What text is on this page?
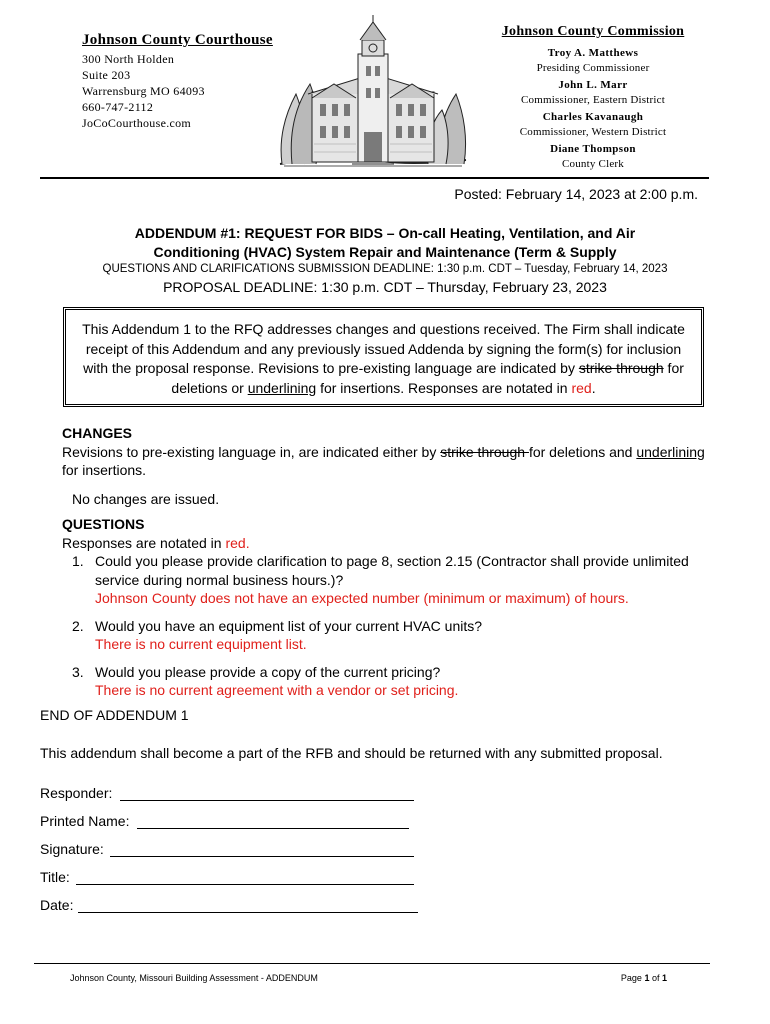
Johnson County Courthouse
300 North Holden
Suite 203
Warrensburg MO 64093
660-747-2112
JoCoCourthouse.com
Johnson County Commission
Troy A. Matthews
Presiding Commissioner
John L. Marr
Commissioner, Eastern District
Charles Kavanaugh
Commissioner, Western District
Diane Thompson
County Clerk
Posted: February 14, 2023 at 2:00 p.m.
ADDENDUM #1: REQUEST FOR BIDS – On-call Heating, Ventilation, and Air
Conditioning (HVAC) System Repair and Maintenance (Term & Supply
QUESTIONS AND CLARIFICATIONS SUBMISSION DEADLINE: 1:30 p.m. CDT – Tuesday, February 14, 2023
PROPOSAL DEADLINE: 1:30 p.m. CDT – Thursday, February 23, 2023

This Addendum 1 to the RFQ addresses changes and questions received. The Firm shall indicate receipt of this Addendum and any previously issued Addenda by signing the form(s) for inclusion with the proposal response. Revisions to pre-existing language are indicated by strike through for deletions or underlining for insertions. Responses are notated in red.

CHANGES
Revisions to pre-existing language in, are indicated either by strike through for deletions and underlining for insertions.
No changes are issued.
QUESTIONS
Responses are notated in red.
1. Could you please provide clarification to page 8, section 2.15 (Contractor shall provide unlimited service during normal business hours.)?
Johnson County does not have an expected number (minimum or maximum) of hours.
2. Would you have an equipment list of your current HVAC units?
There is no current equipment list.
3. Would you please provide a copy of the current pricing?
There is no current agreement with a vendor or set pricing.
END OF ADDENDUM 1
This addendum shall become a part of the RFB and should be returned with any submitted proposal.
Responder:
Printed Name:
Signature:
Title:
Date:
Johnson County, Missouri Building Assessment - ADDENDUM	Page 1 of 1
